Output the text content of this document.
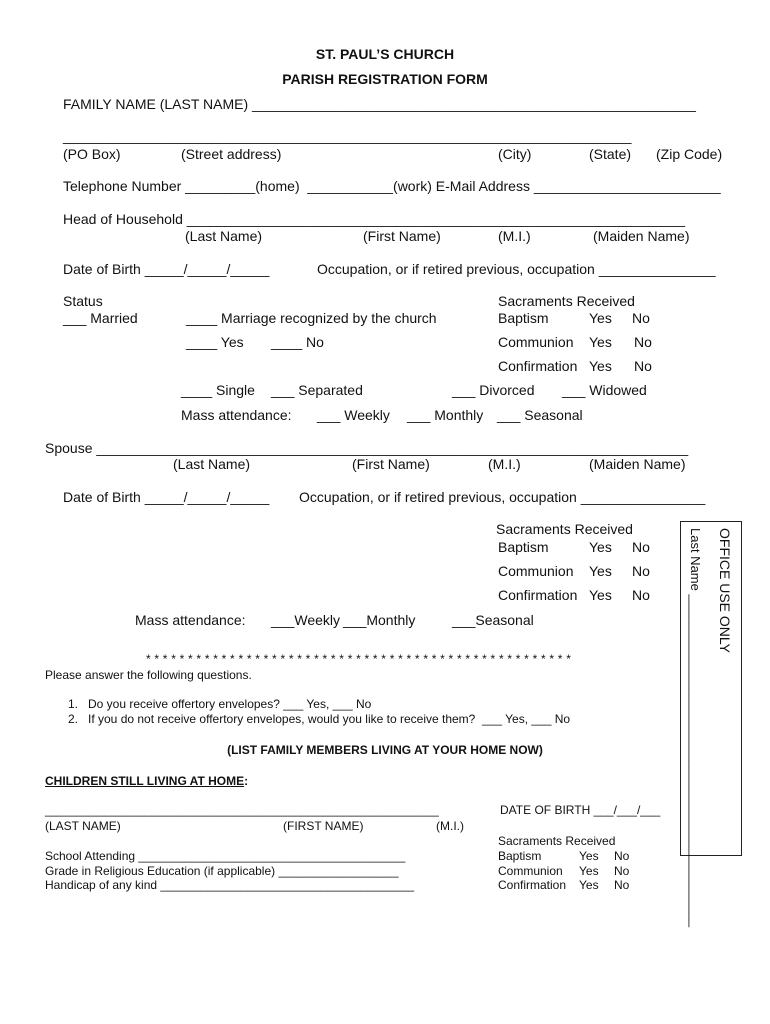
ST. PAUL’S CHURCH
PARISH REGISTRATION FORM
FAMILY NAME (LAST NAME) _________________________________________________________
_________________________________________________________________________
(PO Box)	(Street address)	(City)	(State) (Zip Code)
Telephone Number _________(home)  ___________(work) E-Mail Address ________________________
Head of Household ________________________________________________________________
(Last Name)	(First Name)	(M.I.)	(Maiden Name)
Date of Birth _____/_____/_____	Occupation, or if retired previous, occupation _______________
Status
___ Married	____ Marriage recognized by the church
____ Yes ____ No
Sacraments Received
Baptism	Yes No
Communion Yes No
Confirmation Yes No
____ Single ___ Separated	___ Divorced ___ Widowed
Mass attendance: ___ Weekly ___ Monthly ___ Seasonal
Spouse ____________________________________________________________________________
(Last Name)	(First Name)	(M.I.)	(Maiden Name)
Date of Birth _____/_____/_____ Occupation, or if retired previous, occupation ________________
Sacraments Received
Baptism	Yes No
Communion Yes No
Confirmation Yes No
Mass attendance: ___Weekly ___Monthly	___Seasonal	OFFICE USE ONLY
Last Name ______________________________________________
* * * * * * * * * * * * * * * * * * * * * * * * * * * * * * * * * * * * * * * * * * * * * * * * * * *
Please answer the following questions.
1.   Do you receive offertory envelopes? ___ Yes, ___ No
2.   If you do not receive offertory envelopes, would you like to receive them?  ___ Yes, ___ No
(LIST FAMILY MEMBERS LIVING AT YOUR HOME NOW)
CHILDREN STILL LIVING AT HOME:
___________________________________________________________	DATE OF BIRTH ___/___/___
(LAST NAME)	(FIRST NAME)	(M.I.)
School Attending ________________________________________
Grade in Religious Education (if applicable) __________________
Handicap of any kind ______________________________________
Sacraments Received
Baptism	Yes No
Communion Yes No
Confirmation Yes No
